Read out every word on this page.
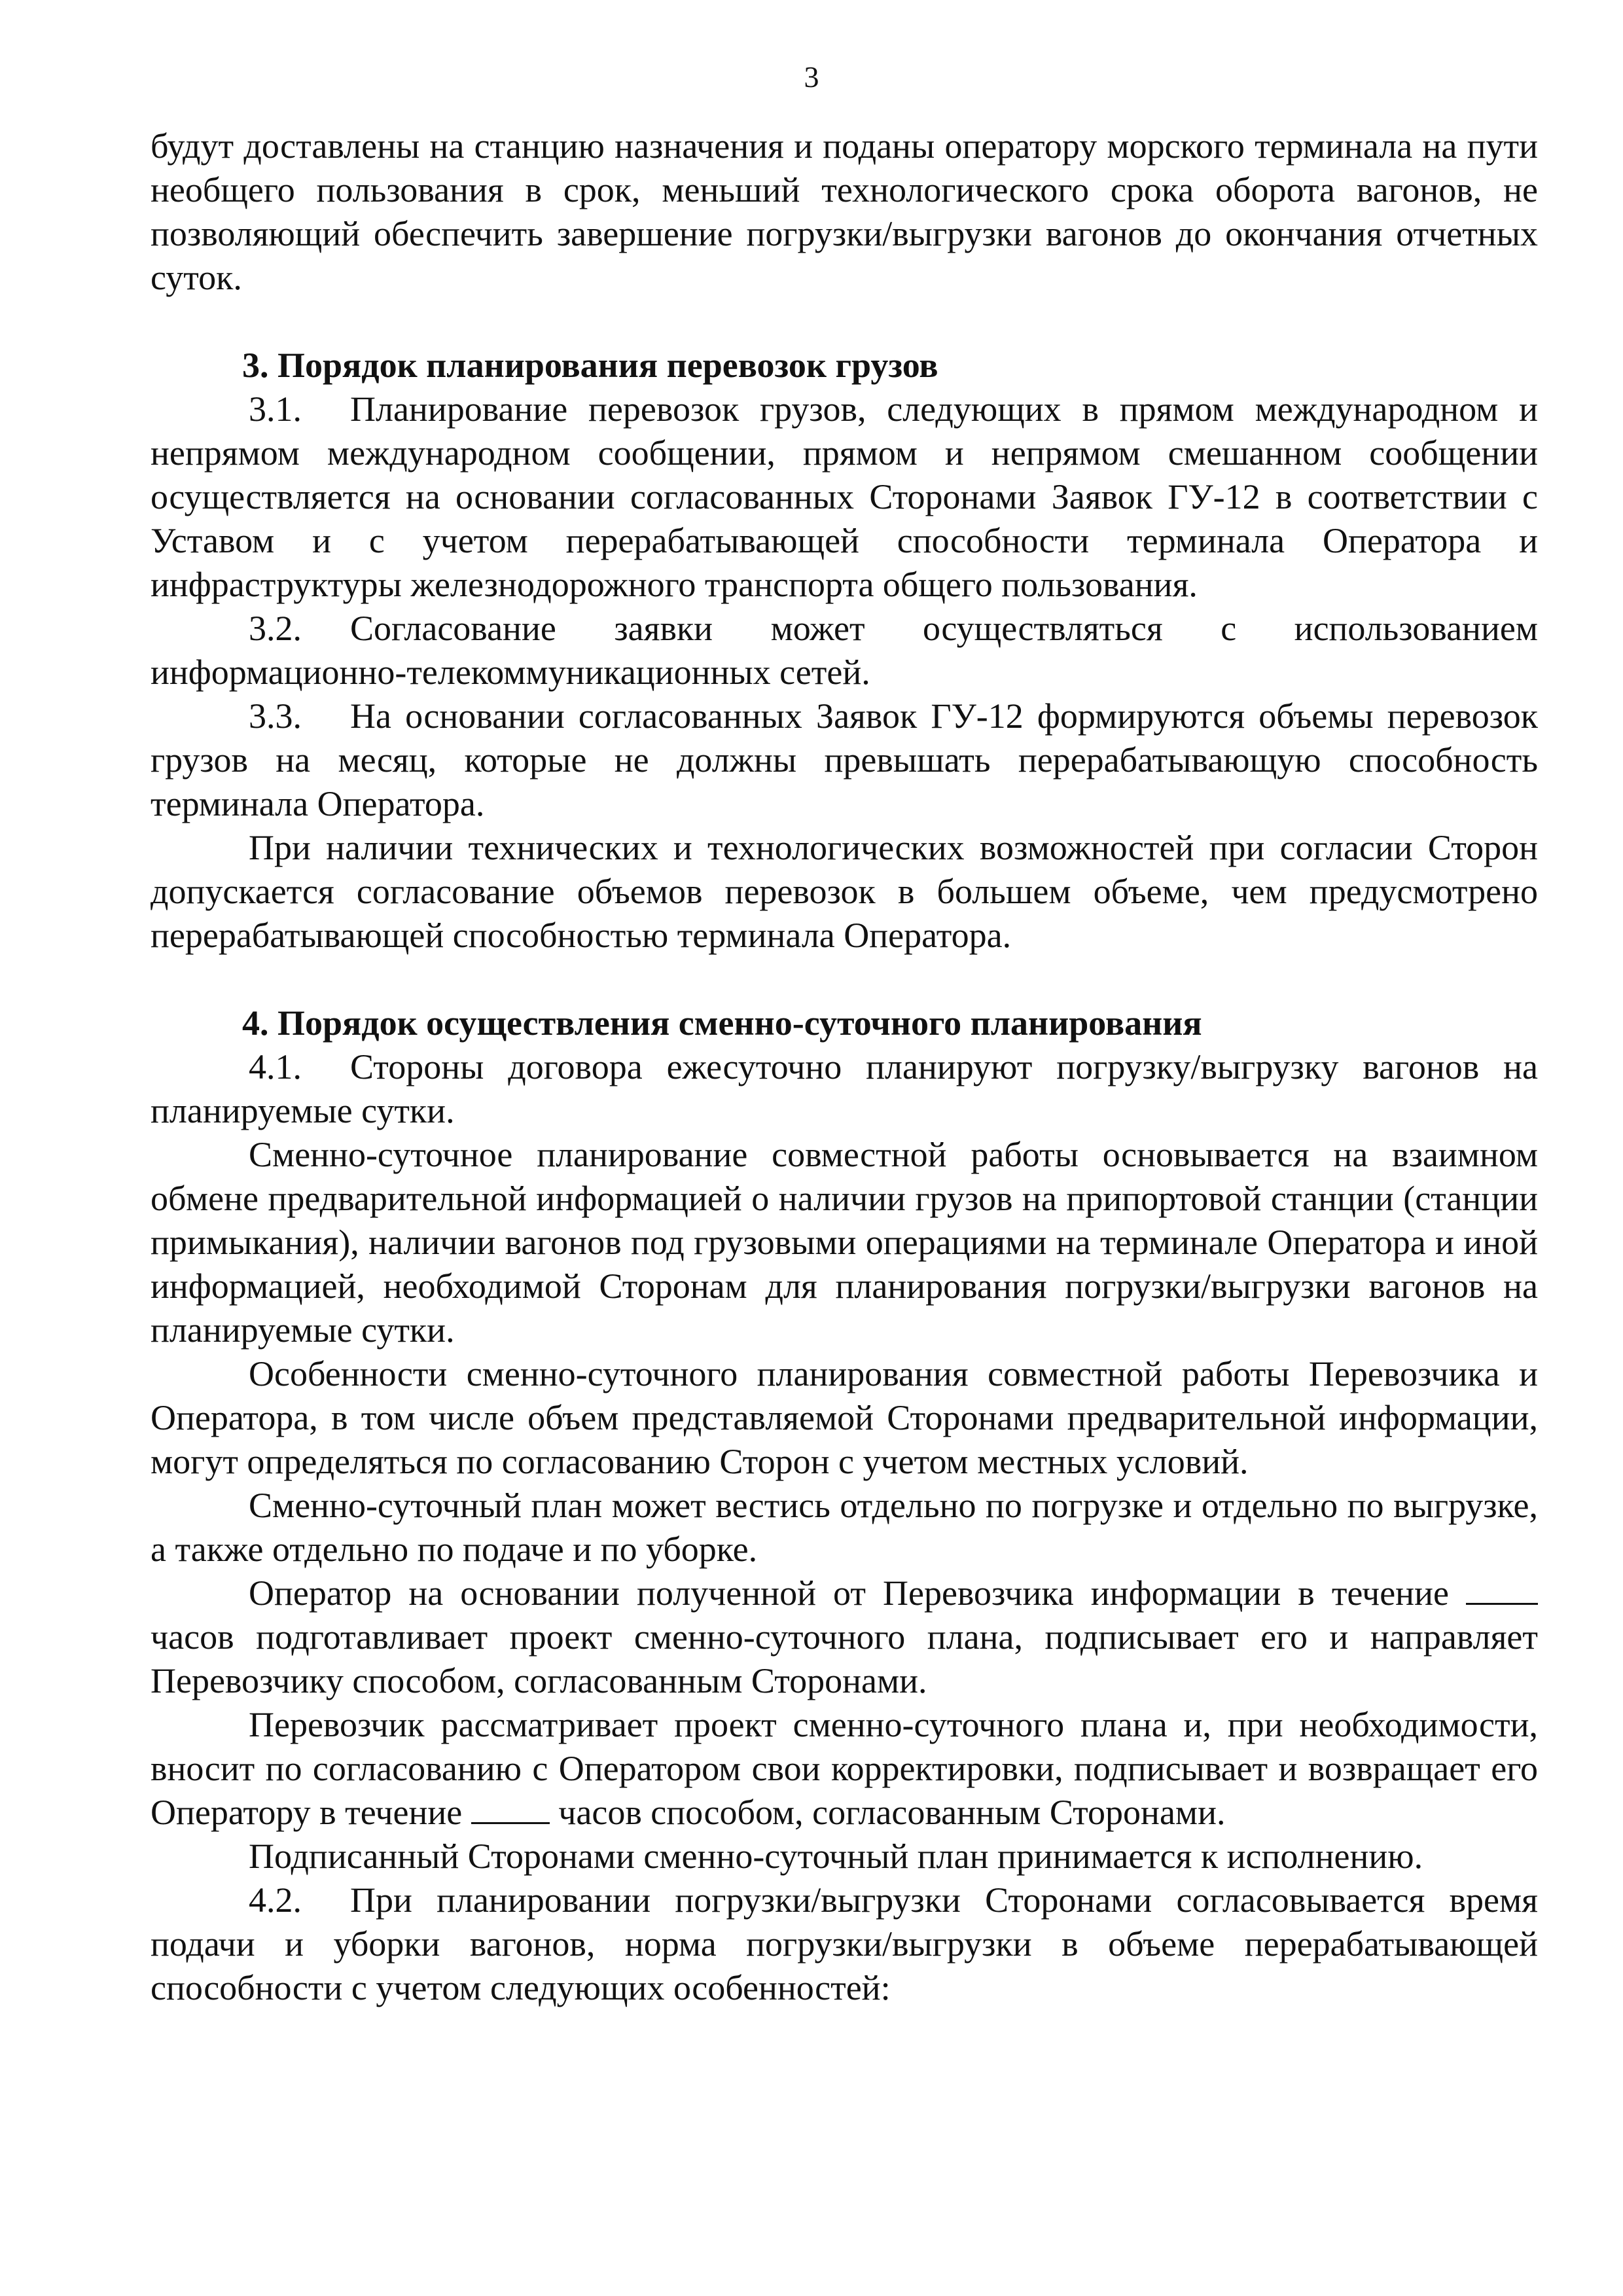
3

будут доставлены на станцию назначения и поданы оператору морского терминала на пути необщего пользования в срок, меньший технологического срока оборота вагонов, не позволяющий обеспечить завершение погрузки/выгрузки вагонов до окончания отчетных суток.

3. Порядок планирования перевозок грузов

3.1. Планирование перевозок грузов, следующих в прямом международном и непрямом международном сообщении, прямом и непрямом смешанном сообщении осуществляется на основании согласованных Сторонами Заявок ГУ-12 в соответствии с Уставом и с учетом перерабатывающей способности терминала Оператора и инфраструктуры железнодорожного транспорта общего пользования.

3.2. Согласование заявки может осуществляться с использованием информационно-телекоммуникационных сетей.

3.3. На основании согласованных Заявок ГУ-12 формируются объемы перевозок грузов на месяц, которые не должны превышать перерабатывающую способность терминала Оператора.

При наличии технических и технологических возможностей при согласии Сторон допускается согласование объемов перевозок в большем объеме, чем предусмотрено перерабатывающей способностью терминала Оператора.

4. Порядок осуществления сменно-суточного планирования

4.1. Стороны договора ежесуточно планируют погрузку/выгрузку вагонов на планируемые сутки.

Сменно-суточное планирование совместной работы основывается на взаимном обмене предварительной информацией о наличии грузов на припортовой станции (станции примыкания), наличии вагонов под грузовыми операциями на терминале Оператора и иной информацией, необходимой Сторонам для планирования погрузки/выгрузки вагонов на планируемые сутки.

Особенности сменно-суточного планирования совместной работы Перевозчика и Оператора, в том числе объем представляемой Сторонами предварительной информации, могут определяться по согласованию Сторон с учетом местных условий.

Сменно-суточный план может вестись отдельно по погрузке и отдельно по выгрузке, а также отдельно по подаче и по уборке.

Оператор на основании полученной от Перевозчика информации в течение  часов подготавливает проект сменно-суточного плана, подписывает его и направляет Перевозчику способом, согласованным Сторонами.

Перевозчик рассматривает проект сменно-суточного плана и, при необходимости, вносит по согласованию с Оператором свои корректировки, подписывает и возвращает его Оператору в течение	часов способом, согласованным Сторонами.

Подписанный Сторонами сменно-суточный план принимается к исполнению.

4.2. При планировании погрузки/выгрузки Сторонами согласовывается время подачи и уборки вагонов, норма погрузки/выгрузки в объеме перерабатывающей способности с учетом следующих особенностей:
